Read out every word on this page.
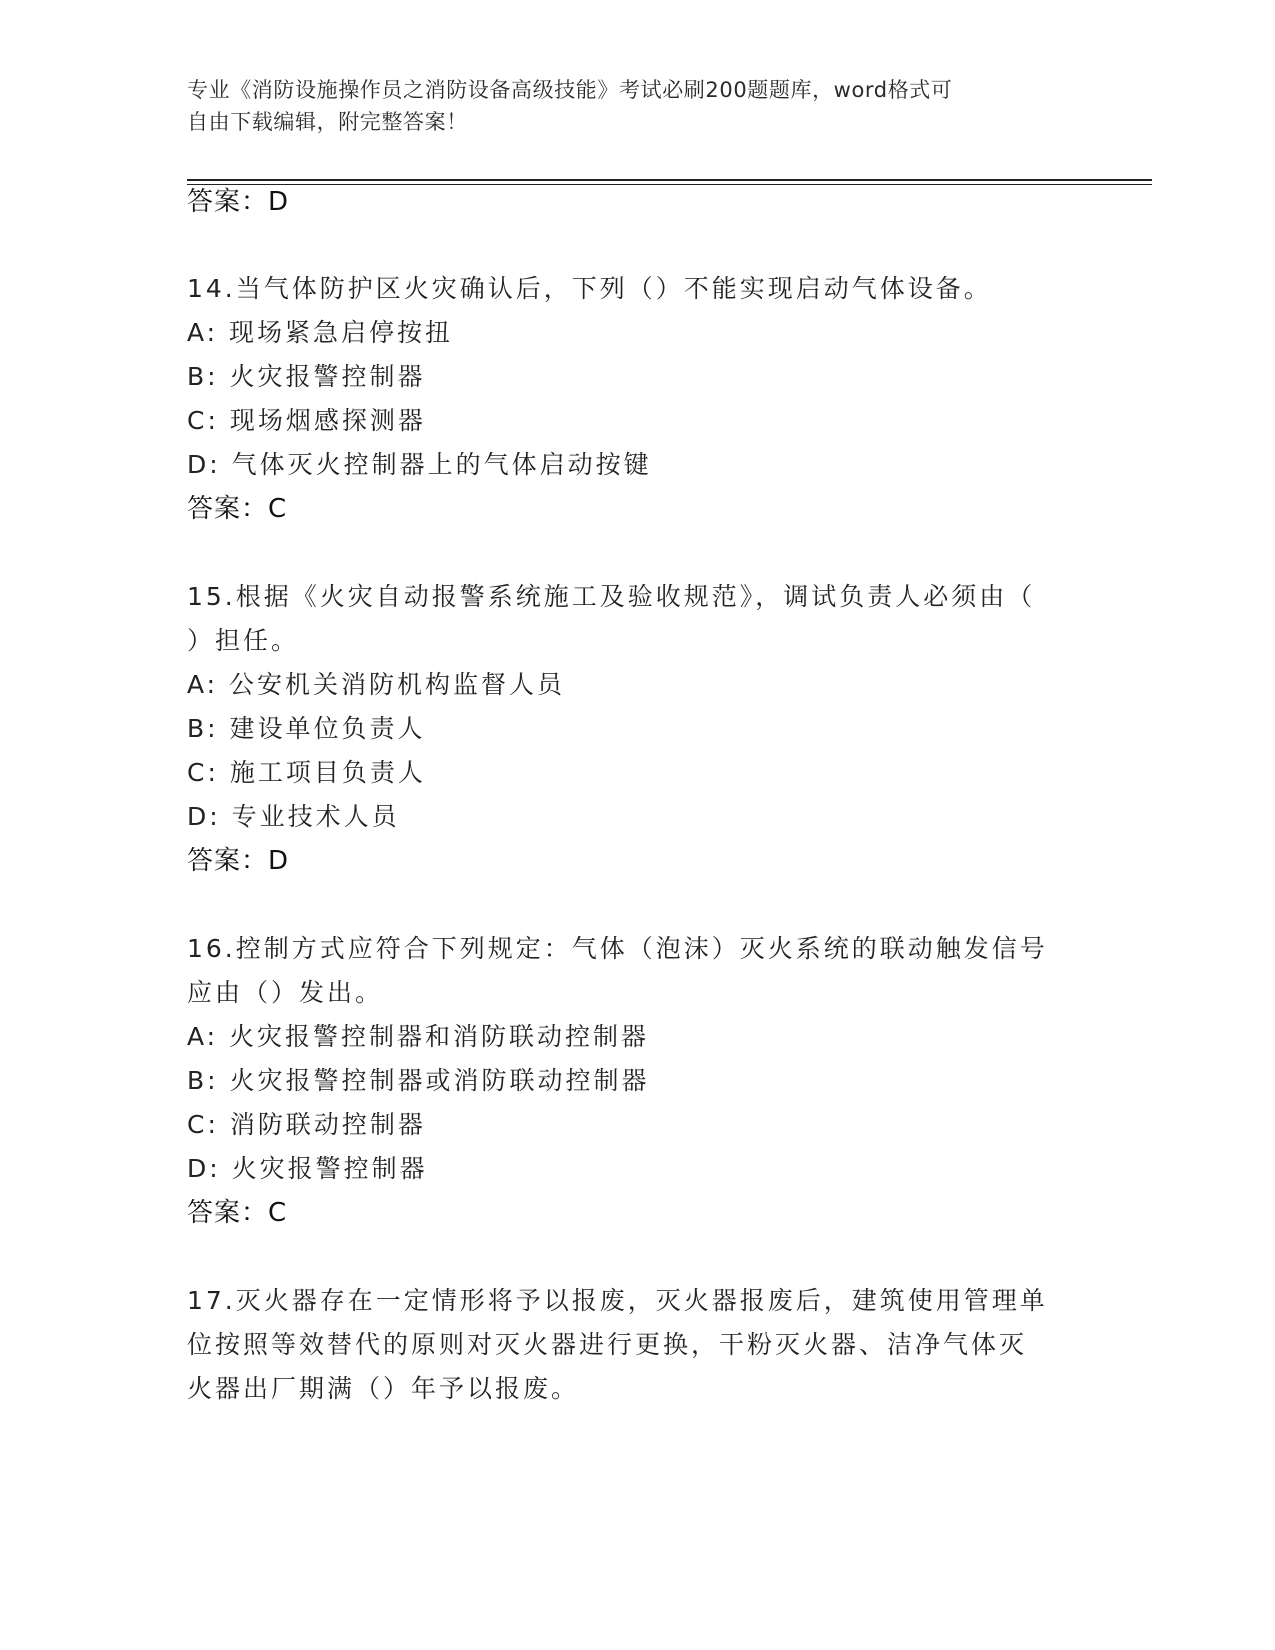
专业《消防设施操作员之消防设备高级技能》考试必刷200题题库，word格式可
自由下载编辑，附完整答案！
答案：D
14.当气体防护区火灾确认后，下列（）不能实现启动气体设备。
A: 现场紧急启停按扭
B: 火灾报警控制器
C: 现场烟感探测器
D: 气体灭火控制器上的气体启动按键
答案：C
15.根据《火灾自动报警系统施工及验收规范》，调试负责人必须由（
）担任。
A: 公安机关消防机构监督人员
B: 建设单位负责人
C: 施工项目负责人
D: 专业技术人员
答案：D
16.控制方式应符合下列规定：气体（泡沫）灭火系统的联动触发信号
应由（）发出。
A: 火灾报警控制器和消防联动控制器
B: 火灾报警控制器或消防联动控制器
C: 消防联动控制器
D: 火灾报警控制器
答案：C
17.灭火器存在一定情形将予以报废，灭火器报废后，建筑使用管理单
位按照等效替代的原则对灭火器进行更换，干粉灭火器、洁净气体灭
火器出厂期满（）年予以报废。
